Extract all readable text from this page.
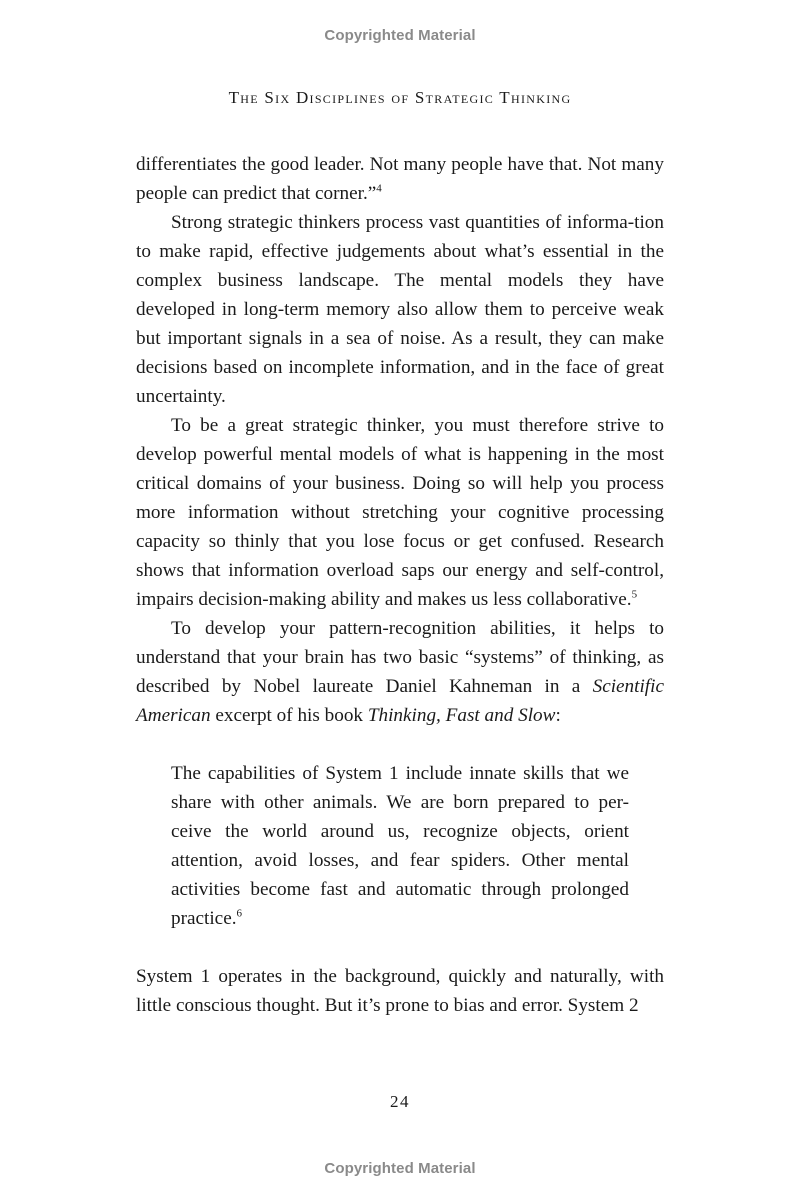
Copyrighted Material
The Six Disciplines of Strategic Thinking

differentiates the good leader. Not many people have that. Not many people can predict that corner.”$^4$

Strong strategic thinkers process vast quantities of informa-tion to make rapid, effective judgements about what’s essential in the complex business landscape. The mental models they have developed in long-term memory also allow them to perceive weak but important signals in a sea of noise. As a result, they can make decisions based on incomplete information, and in the face of great uncertainty.

To be a great strategic thinker, you must therefore strive to develop powerful mental models of what is happening in the most critical domains of your business. Doing so will help you process more information without stretching your cognitive processing capacity so thinly that you lose focus or get confused. Research shows that information overload saps our energy and self-control, impairs decision-making ability and makes us less collaborative.$^5$

To develop your pattern-recognition abilities, it helps to understand that your brain has two basic “systems” of thinking, as described by Nobel laureate Daniel Kahneman in a Scientific American excerpt of his book Thinking, Fast and Slow:

The capabilities of System 1 include innate skills that we share with other animals. We are born prepared to per-ceive the world around us, recognize objects, orient attention, avoid losses, and fear spiders. Other mental activities become fast and automatic through prolonged practice.$^6$

System 1 operates in the background, quickly and naturally, with little conscious thought. But it’s prone to bias and error. System 2

24
Copyrighted Material
